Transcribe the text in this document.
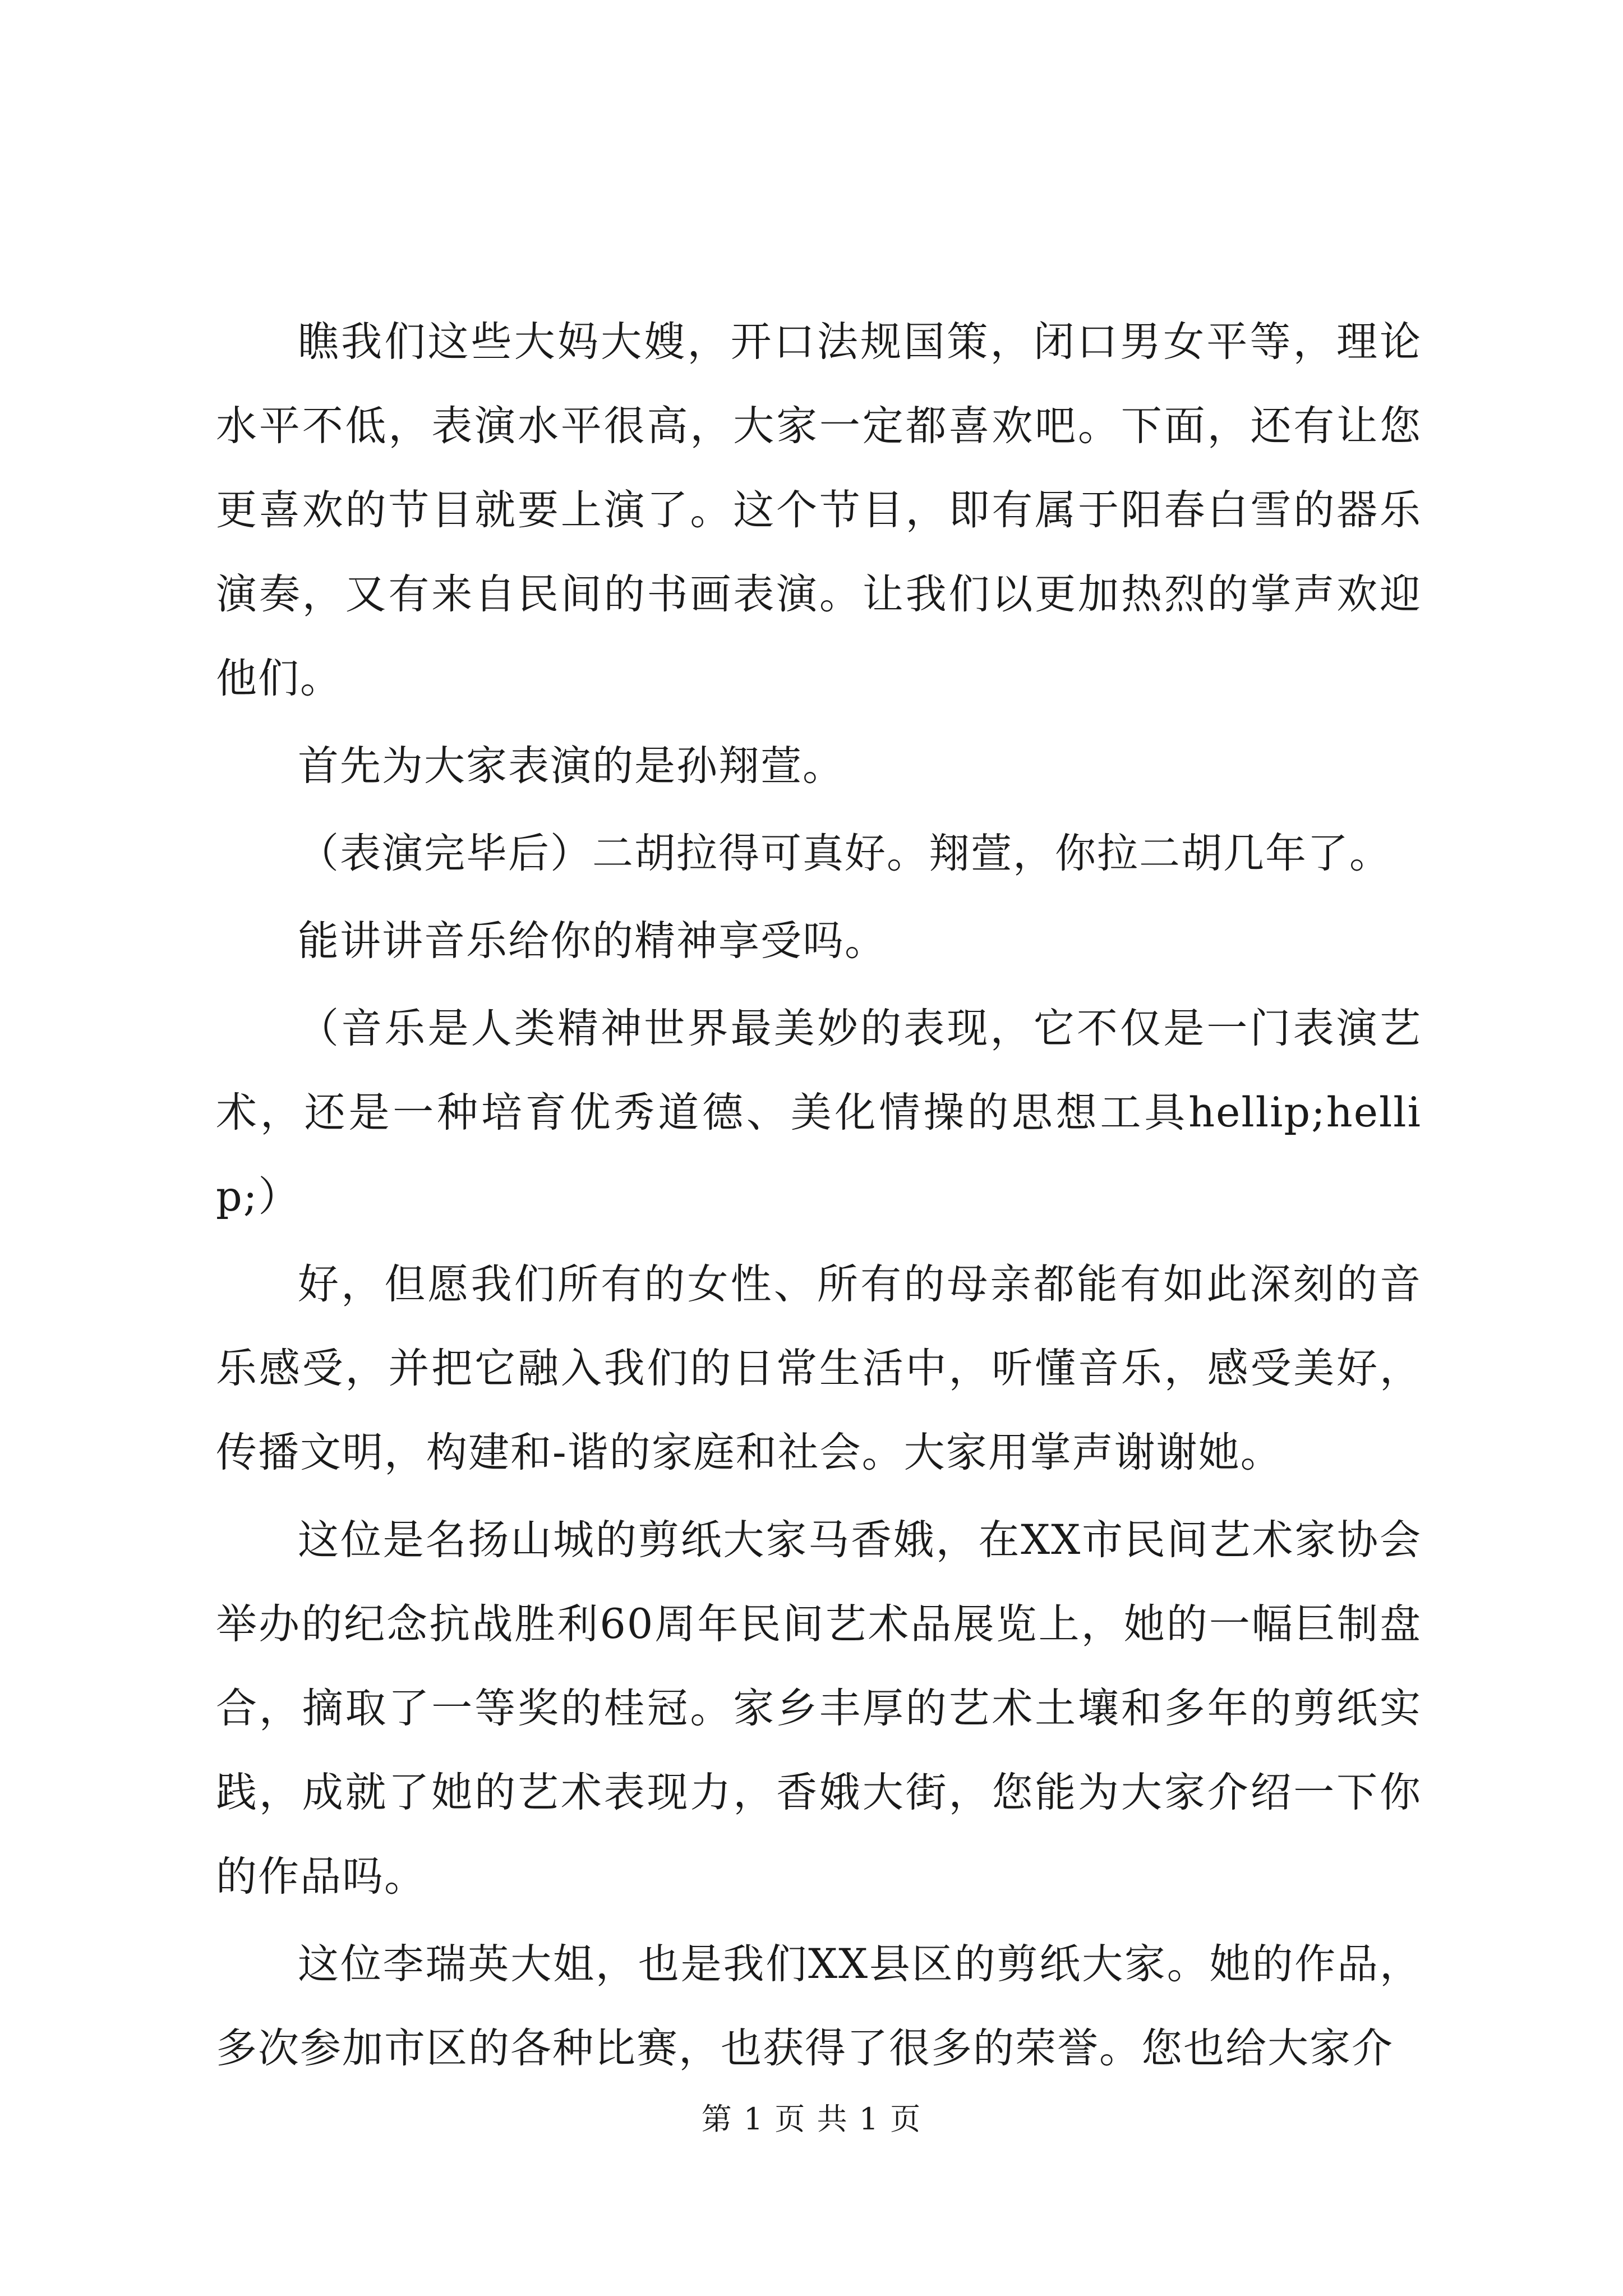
瞧我们这些大妈大嫂，开口法规国策，闭口男女平等，理论水平不低，表演水平很高，大家一定都喜欢吧。下面，还有让您更喜欢的节目就要上演了。这个节目，即有属于阳春白雪的器乐演奏，又有来自民间的书画表演。让我们以更加热烈的掌声欢迎他们。

首先为大家表演的是孙翔萱。

（表演完毕后）二胡拉得可真好。翔萱，你拉二胡几年了。

能讲讲音乐给你的精神享受吗。

（音乐是人类精神世界最美妙的表现，它不仅是一门表演艺术，还是一种培育优秀道德、美化情操的思想工具hellip;hellip;）

好，但愿我们所有的女性、所有的母亲都能有如此深刻的音乐感受，并把它融入我们的日常生活中，听懂音乐，感受美好，传播文明，构建和-谐的家庭和社会。大家用掌声谢谢她。

这位是名扬山城的剪纸大家马香娥，在XX市民间艺术家协会举办的纪念抗战胜利60周年民间艺术品展览上，她的一幅巨制盘合，摘取了一等奖的桂冠。家乡丰厚的艺术土壤和多年的剪纸实践，成就了她的艺术表现力，香娥大街，您能为大家介绍一下你的作品吗。

这位李瑞英大姐，也是我们XX县区的剪纸大家。她的作品，多次参加市区的各种比赛，也获得了很多的荣誉。您也给大家介

第 1 页 共 1 页
